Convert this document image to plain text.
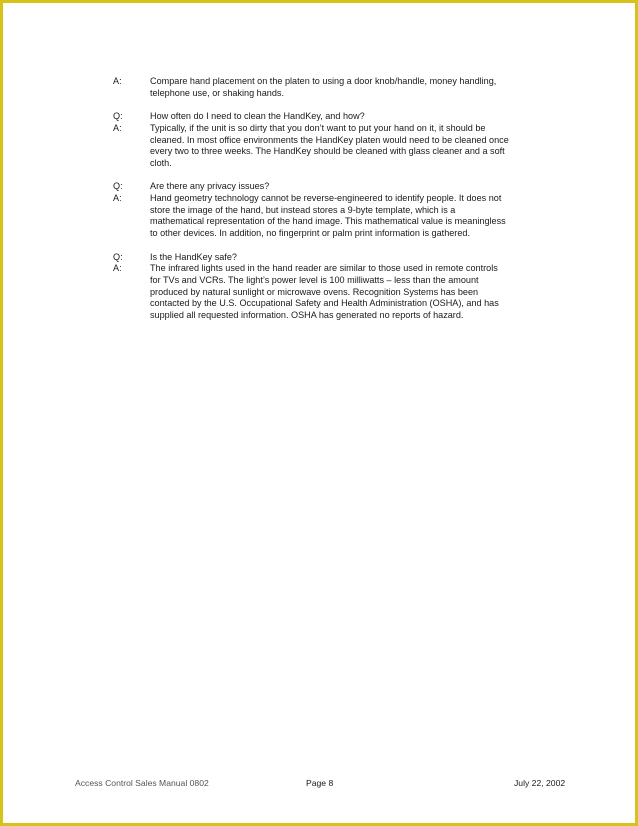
A:	Compare hand placement on the platen to using a door knob/handle, money handling,
telephone use, or shaking hands.
Q:	How often do I need to clean the HandKey, and how?
A:	Typically, if the unit is so dirty that you don’t want to put your hand on it, it should be
cleaned. In most office environments the HandKey platen would need to be cleaned once
every two to three weeks. The HandKey should be cleaned with glass cleaner and a soft
cloth.
Q:	Are there any privacy issues?
A:	Hand geometry technology cannot be reverse-engineered to identify people. It does not
store the image of the hand, but instead stores a 9-byte template, which is a
mathematical representation of the hand image. This mathematical value is meaningless
to other devices. In addition, no fingerprint or palm print information is gathered.
Q:	Is the HandKey safe?
A:	The infrared lights used in the hand reader are similar to those used in remote controls
for TVs and VCRs. The light’s power level is 100 milliwatts – less than the amount
produced by natural sunlight or microwave ovens. Recognition Systems has been
contacted by the U.S. Occupational Safety and Health Administration (OSHA), and has
supplied all requested information. OSHA has generated no reports of hazard.
Access Control Sales Manual 0802	Page 8	July 22, 2002
